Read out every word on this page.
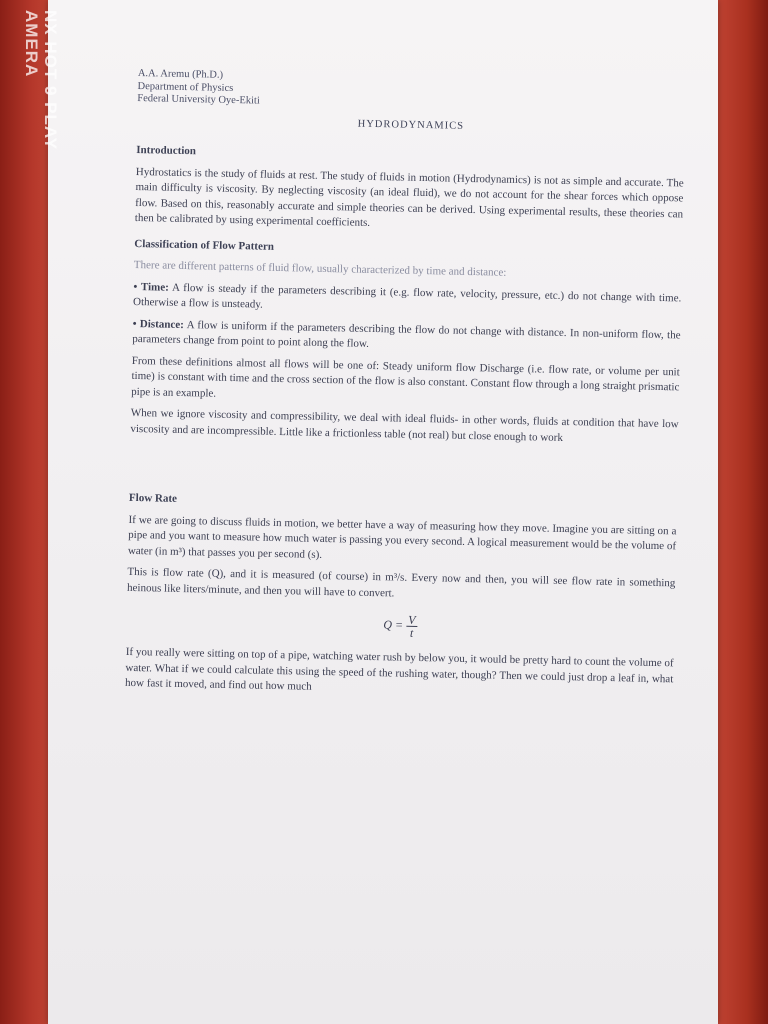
A.A. Aremu (Ph.D.)
Department of Physics
Federal University Oye-Ekiti
HYDRODYNAMICS
Introduction

Hydrostatics is the study of fluids at rest. The study of fluids in motion (Hydrodynamics) is not as simple and accurate. The main difficulty is viscosity. By neglecting viscosity (an ideal fluid), we do not account for the shear forces which oppose flow. Based on this, reasonably accurate and simple theories can be derived. Using experimental results, these theories can then be calibrated by using experimental coefficients.

Classification of Flow Pattern

There are different patterns of fluid flow, usually characterized by time and distance:

• Time: A flow is steady if the parameters describing it (e.g. flow rate, velocity, pressure, etc.) do not change with time. Otherwise a flow is unsteady.

• Distance: A flow is uniform if the parameters describing the flow do not change with distance. In non-uniform flow, the parameters change from point to point along the flow.

From these definitions almost all flows will be one of: Steady uniform flow Discharge (i.e. flow rate, or volume per unit time) is constant with time and the cross section of the flow is also constant. Constant flow through a long straight prismatic pipe is an example.

When we ignore viscosity and compressibility, we deal with ideal fluids- in other words, fluids at condition that have low viscosity and are incompressible. Little like a frictionless table (not real) but close enough to work

Flow Rate

If we are going to discuss fluids in motion, we better have a way of measuring how they move. Imagine you are sitting on a pipe and you want to measure how much water is passing you every second. A logical measurement would be the volume of water (in m³) that passes you per second (s).

This is flow rate (Q), and it is measured (of course) in m³/s. Every now and then, you will see flow rate in something heinous like liters/minute, and then you will have to convert.

$Q = \frac{V}{t}$

If you really were sitting on top of a pipe, watching water rush by below you, it would be pretty hard to count the volume of water. What if we could calculate this using the speed of the rushing water, though? Then we could just drop a leaf in, what how fast it moved, and find out how much

NX HOT 9 PLAY
AMERA
